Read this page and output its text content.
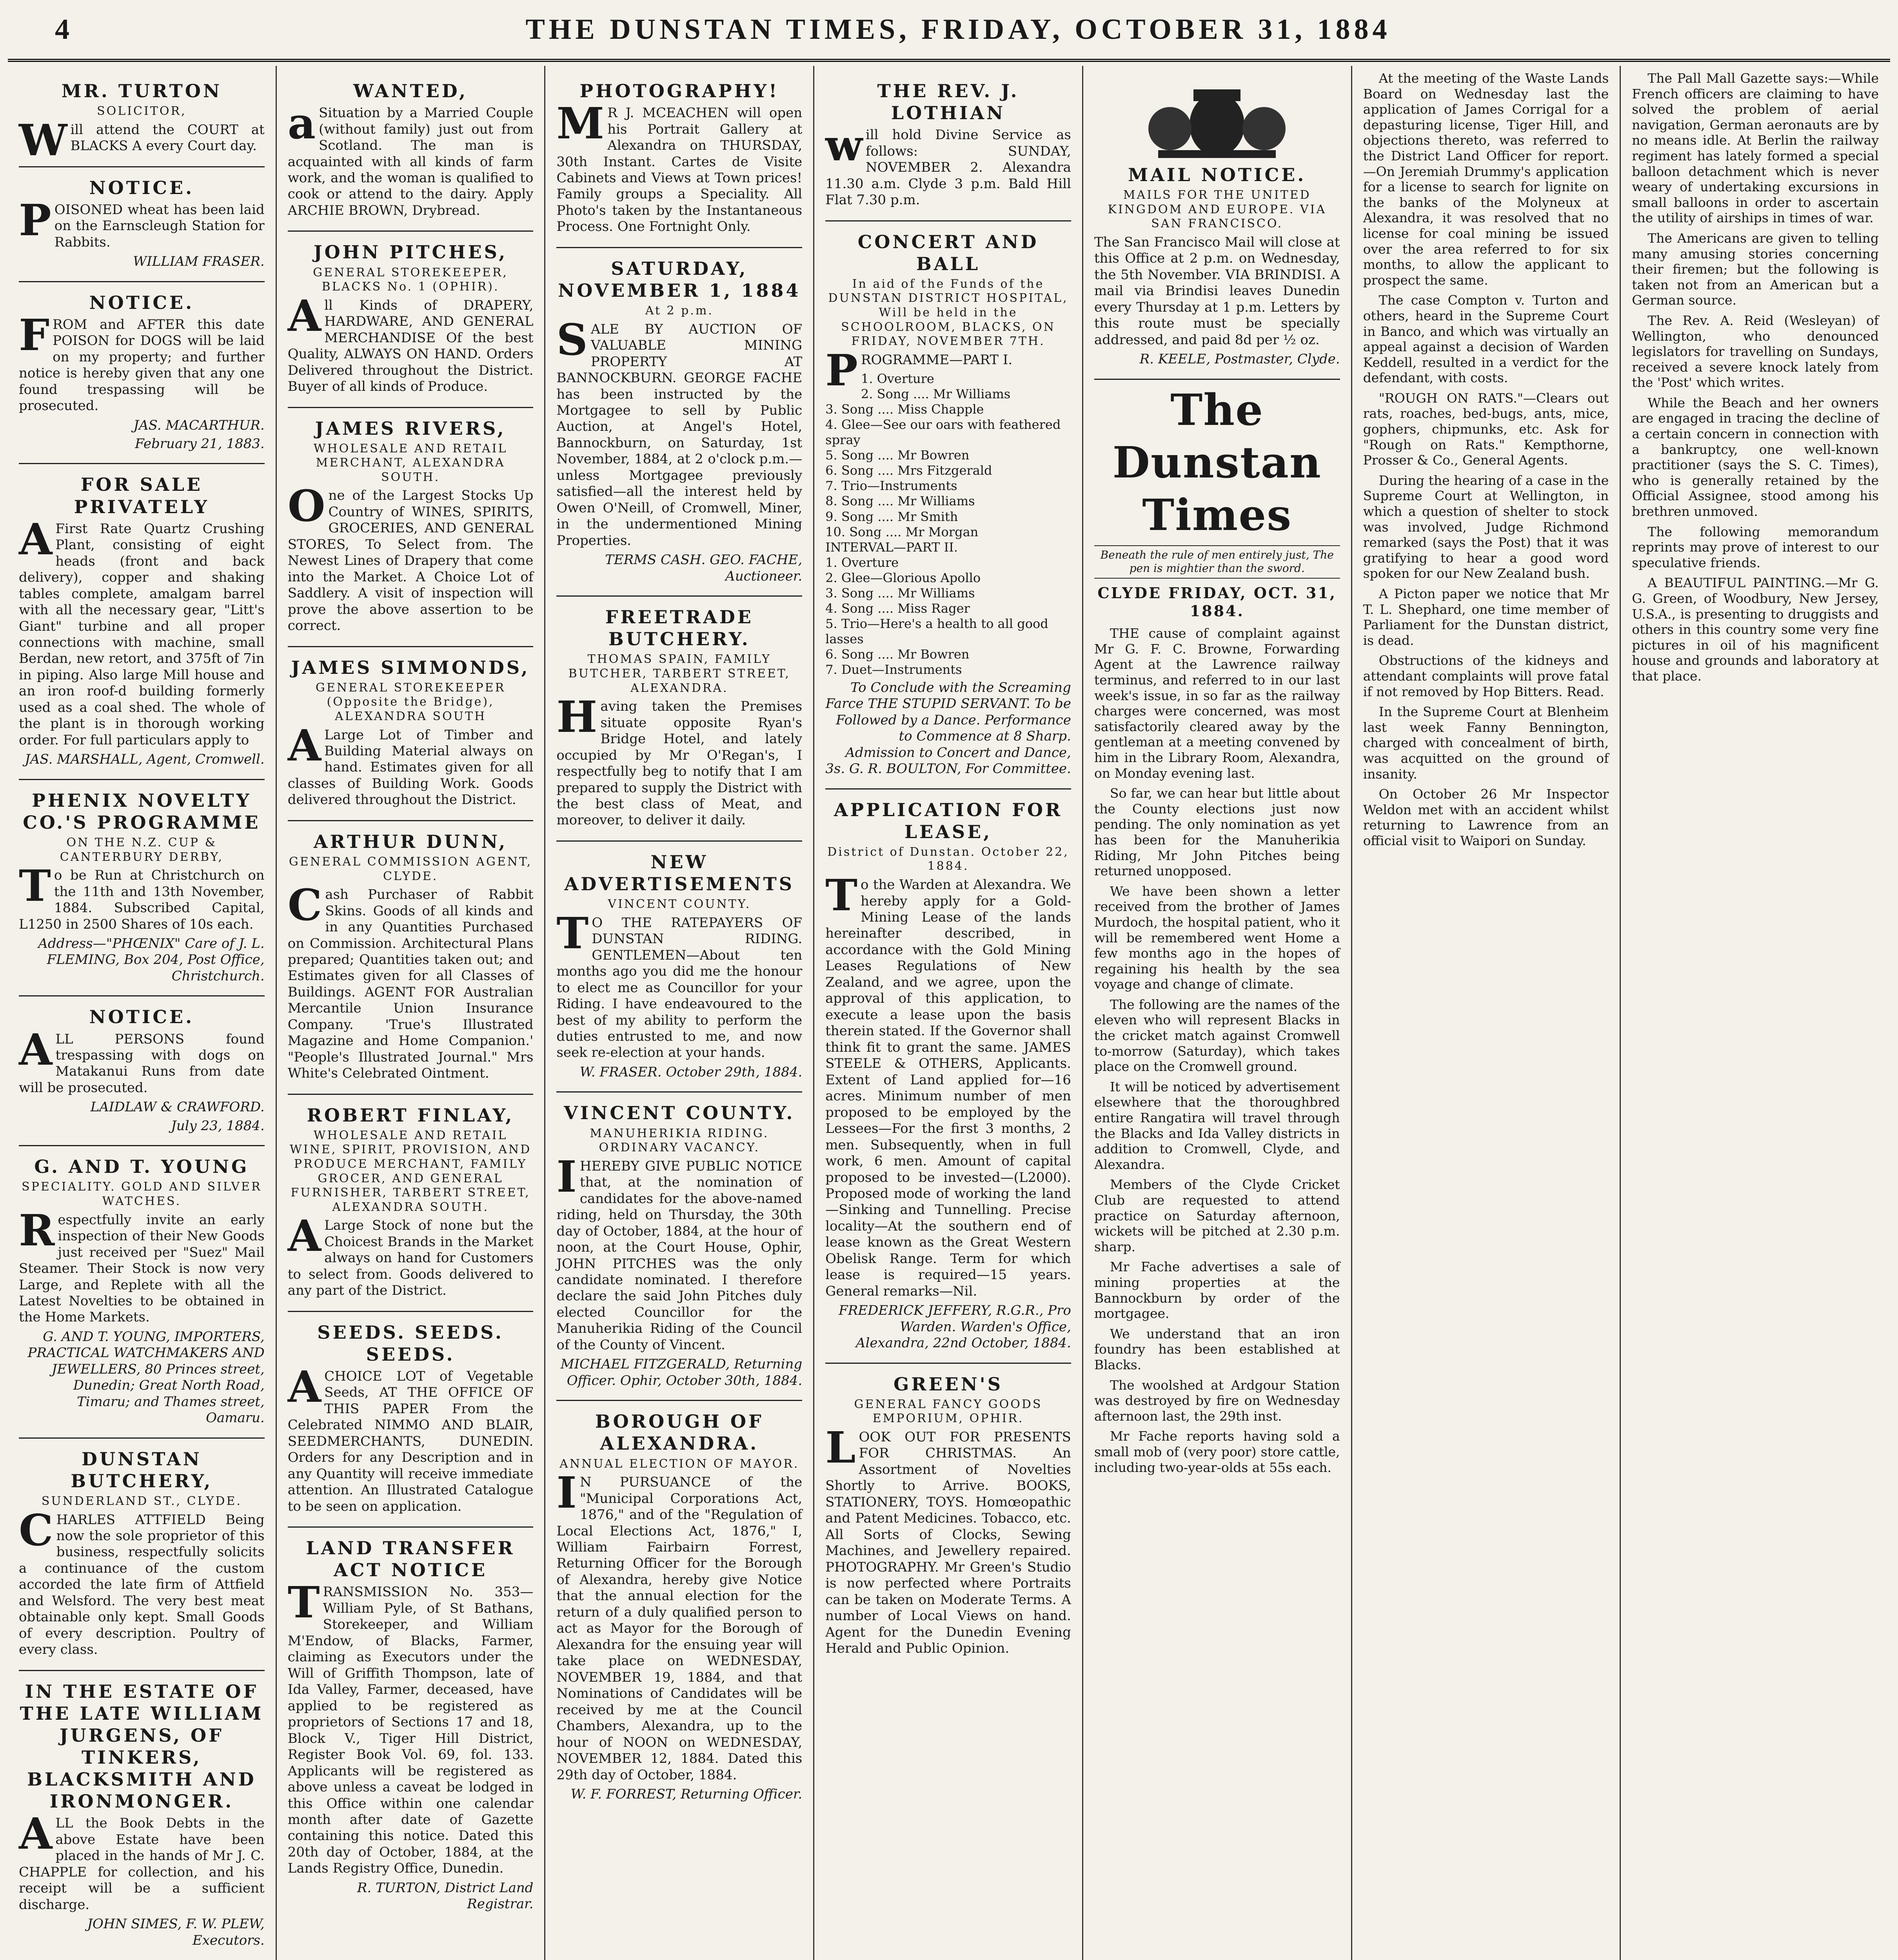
4	THE DUNSTAN TIMES, FRIDAY, OCTOBER 31, 1884
MR. TURTON
SOLICITOR,
Will attend the COURT at BLACKS A every Court day.
NOTICE.
POISONED wheat has been laid on the Earnscleugh Station for Rabbits.
WILLIAM FRASER.
NOTICE.
FROM and AFTER this date POISON for DOGS will be laid on my property; and further notice is hereby given that any one found trespassing will be prosecuted.
JAS. MACARTHUR.
February 21, 1883.
FOR SALE PRIVATELY
AFirst Rate Quartz Crushing Plant, consisting of eight heads (front and back delivery), copper and shaking tables complete, amalgam barrel with all the necessary gear, "Litt's Giant" turbine and all proper connections with machine, small Berdan, new retort, and 375ft of 7in in piping. Also large Mill house and an iron roof-d building formerly used as a coal shed. The whole of the plant is in thorough working order. For full particulars apply to
JAS. MARSHALL, Agent, Cromwell.
PHENIX NOVELTY CO.'S PROGRAMME
ON THE N.Z. CUP & CANTERBURY DERBY,
To be Run at Christchurch on the 11th and 13th November, 1884. Subscribed Capital, L1250 in 2500 Shares of 10s each.
Address—"PHŒNIX" Care of J. L. FLEMING, Box 204, Post Office, Christchurch.
NOTICE.
ALL PERSONS found trespassing with dogs on Matakanui Runs from date will be prosecuted.
LAIDLAW & CRAWFORD.
July 23, 1884.
G. AND T. YOUNG
SPECIALITY. GOLD AND SILVER WATCHES.
Respectfully invite an early inspection of their New Goods just received per "Suez" Mail Steamer. Their Stock is now very Large, and Replete with all the Latest Novelties to be obtained in the Home Markets.
G. AND T. YOUNG, IMPORTERS, PRACTICAL WATCHMAKERS AND JEWELLERS, 80 Princes street, Dunedin; Great North Road, Timaru; and Thames street, Oamaru.
DUNSTAN BUTCHERY,
SUNDERLAND ST., CLYDE.
CHARLES ATTFIELD Being now the sole proprietor of this business, respectfully solicits a continuance of the custom accorded the late firm of Attfield and Welsford. The very best meat obtainable only kept. Small Goods of every description. Poultry of every class.
IN THE ESTATE OF THE LATE WILLIAM JURGENS, OF TINKERS, BLACKSMITH AND IRONMONGER.
ALL the Book Debts in the above Estate have been placed in the hands of Mr J. C. CHAPPLE for collection, and his receipt will be a sufficient discharge.
JOHN SIMES, F. W. PLEW, Executors.
WANTED,
aSituation by a Married Couple (without family) just out from Scotland. The man is acquainted with all kinds of farm work, and the woman is qualified to cook or attend to the dairy. Apply ARCHIE BROWN, Drybread.
JOHN PITCHES,
GENERAL STOREKEEPER, BLACKS No. 1 (OPHIR).
All Kinds of DRAPERY, HARDWARE, AND GENERAL MERCHANDISE Of the best Quality, ALWAYS ON HAND. Orders Delivered throughout the District. Buyer of all kinds of Produce.
JAMES RIVERS,
WHOLESALE AND RETAIL MERCHANT, ALEXANDRA SOUTH.
One of the Largest Stocks Up Country of WINES, SPIRITS, GROCERIES, AND GENERAL STORES, To Select from. The Newest Lines of Drapery that come into the Market. A Choice Lot of Saddlery. A visit of inspection will prove the above assertion to be correct.
JAMES SIMMONDS,
GENERAL STOREKEEPER (Opposite the Bridge), ALEXANDRA SOUTH
ALarge Lot of Timber and Building Material always on hand. Estimates given for all classes of Building Work. Goods delivered throughout the District.
ARTHUR DUNN,
GENERAL COMMISSION AGENT, CLYDE.
Cash Purchaser of Rabbit Skins. Goods of all kinds and in any Quantities Purchased on Commission. Architectural Plans prepared; Quantities taken out; and Estimates given for all Classes of Buildings. AGENT FOR Australian Mercantile Union Insurance Company. 'True's Illustrated Magazine and Home Companion.' "People's Illustrated Journal." Mrs White's Celebrated Ointment.
ROBERT FINLAY,
WHOLESALE AND RETAIL WINE, SPIRIT, PROVISION, AND PRODUCE MERCHANT, FAMILY GROCER, AND GENERAL FURNISHER, TARBERT STREET, ALEXANDRA SOUTH.
ALarge Stock of none but the Choicest Brands in the Market always on hand for Customers to select from. Goods delivered to any part of the District.
SEEDS. SEEDS. SEEDS.
ACHOICE LOT of Vegetable Seeds, AT THE OFFICE OF THIS PAPER From the Celebrated NIMMO AND BLAIR, SEEDMERCHANTS, DUNEDIN. Orders for any Description and in any Quantity will receive immediate attention. An Illustrated Catalogue to be seen on application.
LAND TRANSFER ACT NOTICE
TRANSMISSION No. 353—William Pyle, of St Bathans, Storekeeper, and William M'Endow, of Blacks, Farmer, claiming as Executors under the Will of Griffith Thompson, late of Ida Valley, Farmer, deceased, have applied to be registered as proprietors of Sections 17 and 18, Block V., Tiger Hill District, Register Book Vol. 69, fol. 133. Applicants will be registered as above unless a caveat be lodged in this Office within one calendar month after date of Gazette containing this notice. Dated this 20th day of October, 1884, at the Lands Registry Office, Dunedin.
R. TURTON, District Land Registrar.
PHOTOGRAPHY!
MR J. MCEACHEN will open his Portrait Gallery at Alexandra on THURSDAY, 30th Instant. Cartes de Visite Cabinets and Views at Town prices! Family groups a Speciality. All Photo's taken by the Instantaneous Process. One Fortnight Only.
SATURDAY, NOVEMBER 1, 1884
At 2 p.m.
SALE BY AUCTION OF VALUABLE MINING PROPERTY AT BANNOCKBURN. GEORGE FACHE has been instructed by the Mortgagee to sell by Public Auction, at Angel's Hotel, Bannockburn, on Saturday, 1st November, 1884, at 2 o'clock p.m.—unless Mortgagee previously satisfied—all the interest held by Owen O'Neill, of Cromwell, Miner, in the undermentioned Mining Properties.
TERMS CASH. GEO. FACHE, Auctioneer.
FREETRADE BUTCHERY.
THOMAS SPAIN, FAMILY BUTCHER, TARBERT STREET, ALEXANDRA.
Having taken the Premises situate opposite Ryan's Bridge Hotel, and lately occupied by Mr O'Regan's, I respectfully beg to notify that I am prepared to supply the District with the best class of Meat, and moreover, to deliver it daily.
NEW ADVERTISEMENTS
VINCENT COUNTY.
TO THE RATEPAYERS OF DUNSTAN RIDING. GENTLEMEN—About ten months ago you did me the honour to elect me as Councillor for your Riding. I have endeavoured to the best of my ability to perform the duties entrusted to me, and now seek re-election at your hands.
W. FRASER. October 29th, 1884.
VINCENT COUNTY.
MANUHERIKIA RIDING. ORDINARY VACANCY.
IHEREBY GIVE PUBLIC NOTICE that, at the nomination of candidates for the above-named riding, held on Thursday, the 30th day of October, 1884, at the hour of noon, at the Court House, Ophir, JOHN PITCHES was the only candidate nominated. I therefore declare the said John Pitches duly elected Councillor for the Manuherikia Riding of the Council of the County of Vincent.
MICHAEL FITZGERALD, Returning Officer. Ophir, October 30th, 1884.
BOROUGH OF ALEXANDRA.
ANNUAL ELECTION OF MAYOR.
IN PURSUANCE of the "Municipal Corporations Act, 1876," and of the "Regulation of Local Elections Act, 1876," I, William Fairbairn Forrest, Returning Officer for the Borough of Alexandra, hereby give Notice that the annual election for the return of a duly qualified person to act as Mayor for the Borough of Alexandra for the ensuing year will take place on WEDNESDAY, NOVEMBER 19, 1884, and that Nominations of Candidates will be received by me at the Council Chambers, Alexandra, up to the hour of NOON on WEDNESDAY, NOVEMBER 12, 1884. Dated this 29th day of October, 1884.
W. F. FORREST, Returning Officer.
THE REV. J. LOTHIAN
will hold Divine Service as follows: SUNDAY, NOVEMBER 2. Alexandra 11.30 a.m. Clyde 3 p.m. Bald Hill Flat 7.30 p.m.
CONCERT AND BALL
In aid of the Funds of the DUNSTAN DISTRICT HOSPITAL, Will be held in the SCHOOLROOM, BLACKS, ON FRIDAY, NOVEMBER 7TH.
PROGRAMME—PART I.
1. Overture
2. Song .... Mr Williams
3. Song .... Miss Chapple
4. Glee—See our oars with feathered spray
5. Song .... Mr Bowren
6. Song .... Mrs Fitzgerald
7. Trio—Instruments
8. Song .... Mr Williams
9. Song .... Mr Smith
10. Song .... Mr Morgan
INTERVAL—PART II.
1. Overture
2. Glee—Glorious Apollo
3. Song .... Mr Williams
4. Song .... Miss Rager
5. Trio—Here's a health to all good lasses
6. Song .... Mr Bowren
7. Duet—Instruments
To Conclude with the Screaming Farce THE STUPID SERVANT. To be Followed by a Dance. Performance to Commence at 8 Sharp. Admission to Concert and Dance, 3s. G. R. BOULTON, For Committee.
APPLICATION FOR LEASE,
District of Dunstan. October 22, 1884.
To the Warden at Alexandra. We hereby apply for a Gold-Mining Lease of the lands hereinafter described, in accordance with the Gold Mining Leases Regulations of New Zealand, and we agree, upon the approval of this application, to execute a lease upon the basis therein stated. If the Governor shall think fit to grant the same. JAMES STEELE & OTHERS, Applicants. Extent of Land applied for—16 acres. Minimum number of men proposed to be employed by the Lessees—For the first 3 months, 2 men. Subsequently, when in full work, 6 men. Amount of capital proposed to be invested—(L2000). Proposed mode of working the land—Sinking and Tunnelling. Precise locality—At the southern end of lease known as the Great Western Obelisk Range. Term for which lease is required—15 years. General remarks—Nil.
FREDERICK JEFFERY, R.G.R., Pro Warden. Warden's Office, Alexandra, 22nd October, 1884.
GREEN'S
GENERAL FANCY GOODS EMPORIUM, OPHIR.
LOOK OUT FOR PRESENTS FOR CHRISTMAS. An Assortment of Novelties Shortly to Arrive. BOOKS, STATIONERY, TOYS. Homœopathic and Patent Medicines. Tobacco, etc. All Sorts of Clocks, Sewing Machines, and Jewellery repaired. PHOTOGRAPHY. Mr Green's Studio is now perfected where Portraits can be taken on Moderate Terms. A number of Local Views on hand. Agent for the Dunedin Evening Herald and Public Opinion.
MAIL NOTICE.
MAILS FOR THE UNITED KINGDOM AND EUROPE. VIA SAN FRANCISCO.
The San Francisco Mail will close at this Office at 2 p.m. on Wednesday, the 5th November. VIA BRINDISI. A mail via Brindisi leaves Dunedin every Thursday at 1 p.m. Letters by this route must be specially addressed, and paid 8d per ½ oz.
R. KEELE, Postmaster, Clyde.
The Dunstan Times
Beneath the rule of men entirely just, The pen is mightier than the sword.
CLYDE FRIDAY, OCT. 31, 1884.

THE cause of complaint against Mr G. F. C. Browne, Forwarding Agent at the Lawrence railway terminus, and referred to in our last week's issue, in so far as the railway charges were concerned, was most satisfactorily cleared away by the gentleman at a meeting convened by him in the Library Room, Alexandra, on Monday evening last.

So far, we can hear but little about the County elections just now pending. The only nomination as yet has been for the Manuherikia Riding, Mr John Pitches being returned unopposed.

We have been shown a letter received from the brother of James Murdoch, the hospital patient, who it will be remembered went Home a few months ago in the hopes of regaining his health by the sea voyage and change of climate.

The following are the names of the eleven who will represent Blacks in the cricket match against Cromwell to-morrow (Saturday), which takes place on the Cromwell ground.

It will be noticed by advertisement elsewhere that the thoroughbred entire Rangatira will travel through the Blacks and Ida Valley districts in addition to Cromwell, Clyde, and Alexandra.

Members of the Clyde Cricket Club are requested to attend practice on Saturday afternoon, wickets will be pitched at 2.30 p.m. sharp.

Mr Fache advertises a sale of mining properties at the Bannockburn by order of the mortgagee.

We understand that an iron foundry has been established at Blacks.

The woolshed at Ardgour Station was destroyed by fire on Wednesday afternoon last, the 29th inst.

Mr Fache reports having sold a small mob of (very poor) store cattle, including two-year-olds at 55s each.

At the meeting of the Waste Lands Board on Wednesday last the application of James Corrigal for a depasturing license, Tiger Hill, and objections thereto, was referred to the District Land Officer for report.—On Jeremiah Drummy's application for a license to search for lignite on the banks of the Molyneux at Alexandra, it was resolved that no license for coal mining be issued over the area referred to for six months, to allow the applicant to prospect the same.

The case Compton v. Turton and others, heard in the Supreme Court in Banco, and which was virtually an appeal against a decision of Warden Keddell, resulted in a verdict for the defendant, with costs.

"ROUGH ON RATS."—Clears out rats, roaches, bed-bugs, ants, mice, gophers, chipmunks, etc. Ask for "Rough on Rats." Kempthorne, Prosser & Co., General Agents.

During the hearing of a case in the Supreme Court at Wellington, in which a question of shelter to stock was involved, Judge Richmond remarked (says the Post) that it was gratifying to hear a good word spoken for our New Zealand bush.

A Picton paper we notice that Mr T. L. Shephard, one time member of Parliament for the Dunstan district, is dead.

Obstructions of the kidneys and attendant complaints will prove fatal if not removed by Hop Bitters. Read.

In the Supreme Court at Blenheim last week Fanny Bennington, charged with concealment of birth, was acquitted on the ground of insanity.

On October 26 Mr Inspector Weldon met with an accident whilst returning to Lawrence from an official visit to Waipori on Sunday.

The Pall Mall Gazette says:—While French officers are claiming to have solved the problem of aerial navigation, German aeronauts are by no means idle. At Berlin the railway regiment has lately formed a special balloon detachment which is never weary of undertaking excursions in small balloons in order to ascertain the utility of airships in times of war.

The Americans are given to telling many amusing stories concerning their firemen; but the following is taken not from an American but a German source.

The Rev. A. Reid (Wesleyan) of Wellington, who denounced legislators for travelling on Sundays, received a severe knock lately from the 'Post' which writes.

While the Beach and her owners are engaged in tracing the decline of a certain concern in connection with a bankruptcy, one well-known practitioner (says the S. C. Times), who is generally retained by the Official Assignee, stood among his brethren unmoved.

The following memorandum reprints may prove of interest to our speculative friends.

A BEAUTIFUL PAINTING.—Mr G. G. Green, of Woodbury, New Jersey, U.S.A., is presenting to druggists and others in this country some very fine pictures in oil of his magnificent house and grounds and laboratory at that place.
